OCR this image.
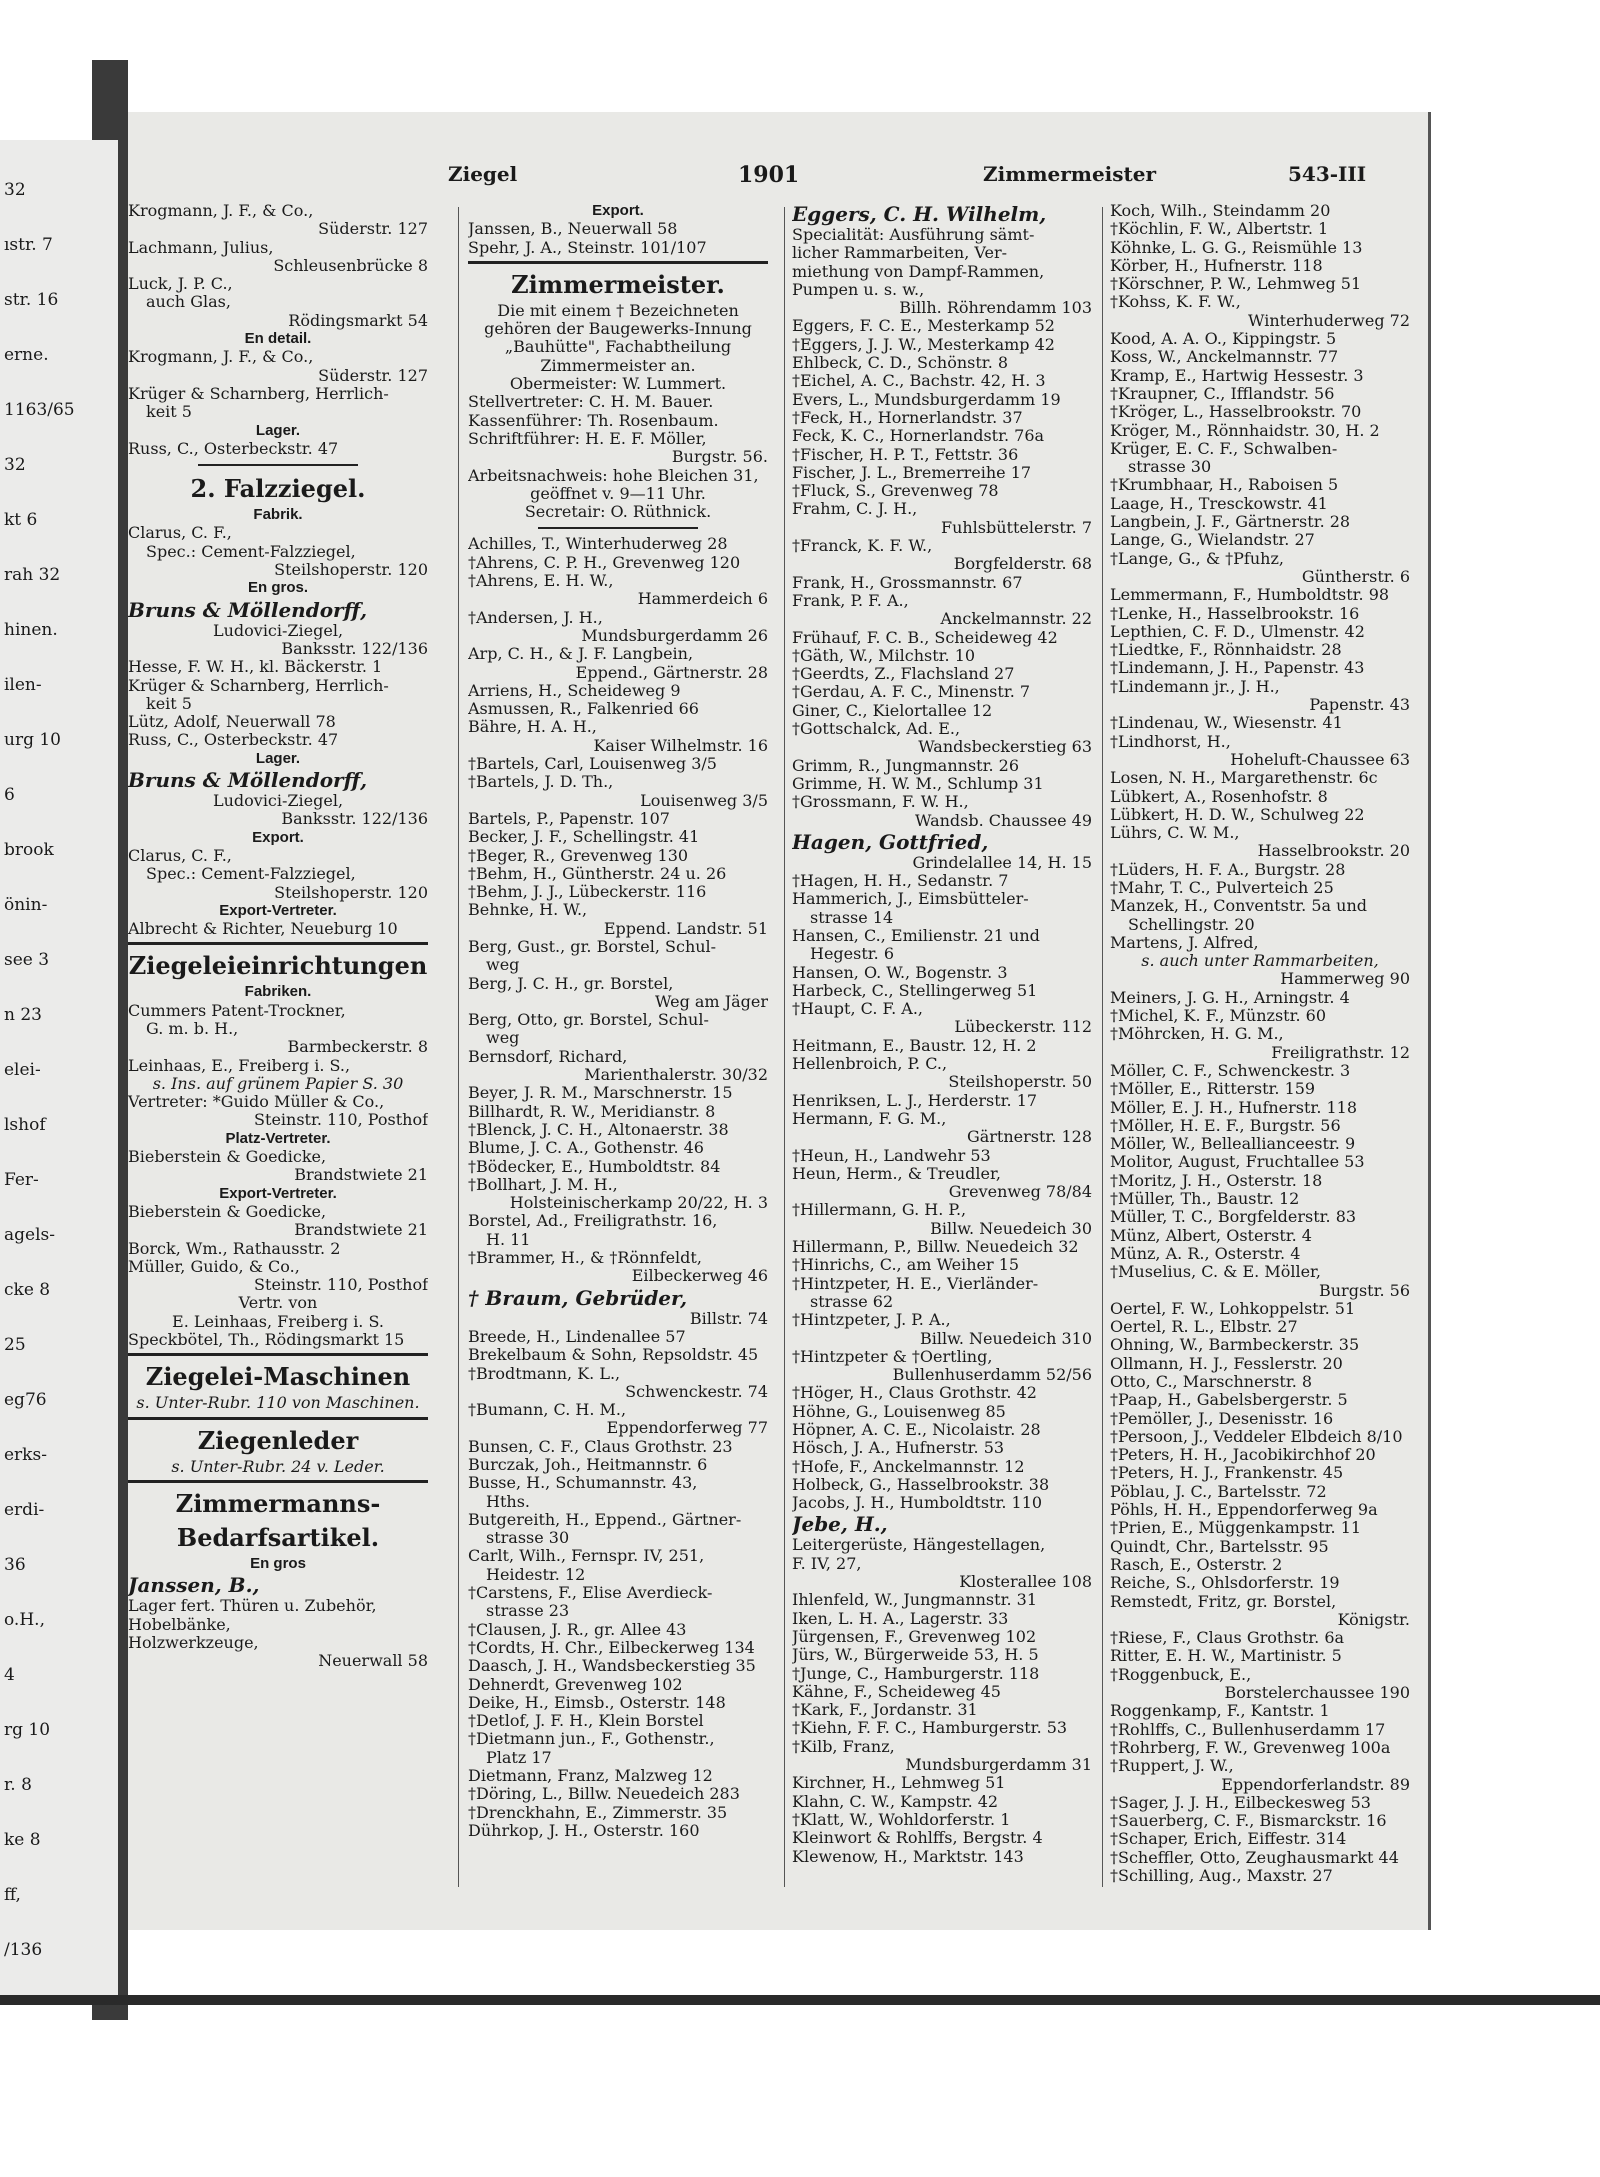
32
ıstr. 7
str. 16
erne.
1163/65
32
kt 6
rah 32
hinen.
ilen-
urg 10
6
brook
önin-
see 3
n 23
elei-
lshof
Fer-
agels-
cke 8
25
eg76
erks-
erdi-
36
o.H.,
4
rg 10
r. 8
ke 8
ff,
/136
Ziegel	1901	Zimmermeister	543-III
Krogmann, J. F., & Co.,
Süderstr. 127
Lachmann, Julius,
Schleusenbrücke 8
Luck, J. P. C.,
auch Glas,
Rödingsmarkt 54
En detail.
Krogmann, J. F., & Co.,
Süderstr. 127
Krüger & Scharnberg, Herrlich-
keit 5
Lager.
Russ, C., Osterbeckstr. 47
2. Falzziegel.
Fabrik.
Clarus, C. F.,
Spec.: Cement-Falzziegel,
Steilshoperstr. 120
En gros.
Bruns & Möllendorff,
Ludovici-Ziegel,
Banksstr. 122/136
Hesse, F. W. H., kl. Bäckerstr. 1
Krüger & Scharnberg, Herrlich-
keit 5
Lütz, Adolf, Neuerwall 78
Russ, C., Osterbeckstr. 47
Lager.
Bruns & Möllendorff,
Ludovici-Ziegel,
Banksstr. 122/136
Export.
Clarus, C. F.,
Spec.: Cement-Falzziegel,
Steilshoperstr. 120
Export-Vertreter.
Albrecht & Richter, Neueburg 10
Ziegeleieinrichtungen
Fabriken.
Cummers Patent-Trockner,
G. m. b. H.,
Barmbeckerstr. 8
Leinhaas, E., Freiberg i. S.,
s. Ins. auf grünem Papier S. 30
Vertreter: *Guido Müller & Co.,
Steinstr. 110, Posthof
Platz-Vertreter.
Bieberstein & Goedicke,
Brandstwiete 21
Export-Vertreter.
Bieberstein & Goedicke,
Brandstwiete 21
Borck, Wm., Rathausstr. 2
Müller, Guido, & Co.,
Steinstr. 110, Posthof
Vertr. von
E. Leinhaas, Freiberg i. S.
Speckbötel, Th., Rödingsmarkt 15
Ziegelei-Maschinen
s. Unter-Rubr. 110 von Maschinen.
Ziegenleder
s. Unter-Rubr. 24 v. Leder.
Zimmermanns-
Bedarfsartikel.
En gros
Janssen, B.,
Lager fert. Thüren u. Zubehör,
Hobelbänke,
Holzwerkzeuge,
Neuerwall 58
Export.
Janssen, B., Neuerwall 58
Spehr, J. A., Steinstr. 101/107
Zimmermeister.
Die mit einem † Bezeichneten
gehören der Baugewerks-Innung
„Bauhütte", Fachabtheilung
Zimmermeister an.
Obermeister: W. Lummert.
Stellvertreter: C. H. M. Bauer.
Kassenführer: Th. Rosenbaum.
Schriftführer: H. E. F. Möller,
Burgstr. 56.
Arbeitsnachweis: hohe Bleichen 31,
geöffnet v. 9—11 Uhr.
Secretair: O. Rüthnick.
Achilles, T., Winterhuderweg 28
†Ahrens, C. P. H., Grevenweg 120
†Ahrens, E. H. W.,
Hammerdeich 6
†Andersen, J. H.,
Mundsburgerdamm 26
Arp, C. H., & J. F. Langbein,
Eppend., Gärtnerstr. 28
Arriens, H., Scheideweg 9
Asmussen, R., Falkenried 66
Bähre, H. A. H.,
Kaiser Wilhelmstr. 16
†Bartels, Carl, Louisenweg 3/5
†Bartels, J. D. Th.,
Louisenweg 3/5
Bartels, P., Papenstr. 107
Becker, J. F., Schellingstr. 41
†Beger, R., Grevenweg 130
†Behm, H., Güntherstr. 24 u. 26
†Behm, J. J., Lübeckerstr. 116
Behnke, H. W.,
Eppend. Landstr. 51
Berg, Gust., gr. Borstel, Schul-
weg
Berg, J. C. H., gr. Borstel,
Weg am Jäger
Berg, Otto, gr. Borstel, Schul-
weg
Bernsdorf, Richard,
Marienthalerstr. 30/32
Beyer, J. R. M., Marschnerstr. 15
Billhardt, R. W., Meridianstr. 8
†Blenck, J. C. H., Altonaerstr. 38
Blume, J. C. A., Gothenstr. 46
†Bödecker, E., Humboldtstr. 84
†Bollhart, J. M. H.,
Holsteinischerkamp 20/22, H. 3
Borstel, Ad., Freiligrathstr. 16,
H. 11
†Brammer, H., & †Rönnfeldt,
Eilbeckerweg 46
† Braum, Gebrüder,
Billstr. 74
Breede, H., Lindenallee 57
Brekelbaum & Sohn, Repsoldstr. 45
†Brodtmann, K. L.,
Schwenckestr. 74
†Bumann, C. H. M.,
Eppendorferweg 77
Bunsen, C. F., Claus Grothstr. 23
Burczak, Joh., Heitmannstr. 6
Busse, H., Schumannstr. 43,
Hths.
Butgereith, H., Eppend., Gärtner-
strasse 30
Carlt, Wilh., Fernspr. IV, 251,
Heidestr. 12
†Carstens, F., Elise Averdieck-
strasse 23
†Clausen, J. R., gr. Allee 43
†Cordts, H. Chr., Eilbeckerweg 134
Daasch, J. H., Wandsbeckerstieg 35
Dehnerdt, Grevenweg 102
Deike, H., Eimsb., Osterstr. 148
†Detlof, J. F. H., Klein Borstel
†Dietmann jun., F., Gothenstr.,
Platz 17
Dietmann, Franz, Malzweg 12
†Döring, L., Billw. Neuedeich 283
†Drenckhahn, E., Zimmerstr. 35
Dührkop, J. H., Osterstr. 160
Eggers, C. H. Wilhelm,
Specialität: Ausführung sämt-
licher Rammarbeiten, Ver-
miethung von Dampf-Rammen,
Pumpen u. s. w.,
Billh. Röhrendamm 103
Eggers, F. C. E., Mesterkamp 52
†Eggers, J. J. W., Mesterkamp 42
Ehlbeck, C. D., Schönstr. 8
†Eichel, A. C., Bachstr. 42, H. 3
Evers, L., Mundsburgerdamm 19
†Feck, H., Hornerlandstr. 37
Feck, K. C., Hornerlandstr. 76a
†Fischer, H. P. T., Fettstr. 36
Fischer, J. L., Bremerreihe 17
†Fluck, S., Grevenweg 78
Frahm, C. J. H.,
Fuhlsbüttelerstr. 7
†Franck, K. F. W.,
Borgfelderstr. 68
Frank, H., Grossmannstr. 67
Frank, P. F. A.,
Anckelmannstr. 22
Frühauf, F. C. B., Scheideweg 42
†Gäth, W., Milchstr. 10
†Geerdts, Z., Flachsland 27
†Gerdau, A. F. C., Minenstr. 7
Giner, C., Kielortallee 12
†Gottschalck, Ad. E.,
Wandsbeckerstieg 63
Grimm, R., Jungmannstr. 26
Grimme, H. W. M., Schlump 31
†Grossmann, F. W. H.,
Wandsb. Chaussee 49
Hagen, Gottfried,
Grindelallee 14, H. 15
†Hagen, H. H., Sedanstr. 7
Hammerich, J., Eimsbütteler-
strasse 14
Hansen, C., Emilienstr. 21 und
Hegestr. 6
Hansen, O. W., Bogenstr. 3
Harbeck, C., Stellingerweg 51
†Haupt, C. F. A.,
Lübeckerstr. 112
Heitmann, E., Baustr. 12, H. 2
Hellenbroich, P. C.,
Steilshoperstr. 50
Henriksen, L. J., Herderstr. 17
Hermann, F. G. M.,
Gärtnerstr. 128
†Heun, H., Landwehr 53
Heun, Herm., & Treudler,
Grevenweg 78/84
†Hillermann, G. H. P.,
Billw. Neuedeich 30
Hillermann, P., Billw. Neuedeich 32
†Hinrichs, C., am Weiher 15
†Hintzpeter, H. E., Vierländer-
strasse 62
†Hintzpeter, J. P. A.,
Billw. Neuedeich 310
†Hintzpeter & †Oertling,
Bullenhuserdamm 52/56
†Höger, H., Claus Grothstr. 42
Höhne, G., Louisenweg 85
Höpner, A. C. E., Nicolaistr. 28
Hösch, J. A., Hufnerstr. 53
†Hofe, F., Anckelmannstr. 12
Holbeck, G., Hasselbrookstr. 38
Jacobs, J. H., Humboldtstr. 110
Jebe, H.,
Leitergerüste, Hängestellagen,
F. IV, 27,
Klosterallee 108
Ihlenfeld, W., Jungmannstr. 31
Iken, L. H. A., Lagerstr. 33
Jürgensen, F., Grevenweg 102
Jürs, W., Bürgerweide 53, H. 5
†Junge, C., Hamburgerstr. 118
Kähne, F., Scheideweg 45
†Kark, F., Jordanstr. 31
†Kiehn, F. F. C., Hamburgerstr. 53
†Kilb, Franz,
Mundsburgerdamm 31
Kirchner, H., Lehmweg 51
Klahn, C. W., Kampstr. 42
†Klatt, W., Wohldorferstr. 1
Kleinwort & Rohlffs, Bergstr. 4
Klewenow, H., Marktstr. 143
Koch, Wilh., Steindamm 20
†Köchlin, F. W., Albertstr. 1
Köhnke, L. G. G., Reismühle 13
Körber, H., Hufnerstr. 118
†Körschner, P. W., Lehmweg 51
†Kohss, K. F. W.,
Winterhuderweg 72
Kood, A. A. O., Kippingstr. 5
Koss, W., Anckelmannstr. 77
Kramp, E., Hartwig Hessestr. 3
†Kraupner, C., Ifflandstr. 56
†Kröger, L., Hasselbrookstr. 70
Kröger, M., Rönnhaidstr. 30, H. 2
Krüger, E. C. F., Schwalben-
strasse 30
†Krumbhaar, H., Raboisen 5
Laage, H., Tresckowstr. 41
Langbein, J. F., Gärtnerstr. 28
Lange, G., Wielandstr. 27
†Lange, G., & †Pfuhz,
Güntherstr. 6
Lemmermann, F., Humboldtstr. 98
†Lenke, H., Hasselbrookstr. 16
Lepthien, C. F. D., Ulmenstr. 42
†Liedtke, F., Rönnhaidstr. 28
†Lindemann, J. H., Papenstr. 43
†Lindemann jr., J. H.,
Papenstr. 43
†Lindenau, W., Wiesenstr. 41
†Lindhorst, H.,
Hoheluft-Chaussee 63
Losen, N. H., Margarethenstr. 6c
Lübkert, A., Rosenhofstr. 8
Lübkert, H. D. W., Schulweg 22
Lührs, C. W. M.,
Hasselbrookstr. 20
†Lüders, H. F. A., Burgstr. 28
†Mahr, T. C., Pulverteich 25
Manzek, H., Conventstr. 5a und
Schellingstr. 20
Martens, J. Alfred,
s. auch unter Rammarbeiten,
Hammerweg 90
Meiners, J. G. H., Arningstr. 4
†Michel, K. F., Münzstr. 60
†Möhrcken, H. G. M.,
Freiligrathstr. 12
Möller, C. F., Schwenckestr. 3
†Möller, E., Ritterstr. 159
Möller, E. J. H., Hufnerstr. 118
†Möller, H. E. F., Burgstr. 56
Möller, W., Belleallianceestr. 9
Molitor, August, Fruchtallee 53
†Moritz, J. H., Osterstr. 18
†Müller, Th., Baustr. 12
Müller, T. C., Borgfelderstr. 83
Münz, Albert, Osterstr. 4
Münz, A. R., Osterstr. 4
†Muselius, C. & E. Möller,
Burgstr. 56
Oertel, F. W., Lohkoppelstr. 51
Oertel, R. L., Elbstr. 27
Ohning, W., Barmbeckerstr. 35
Ollmann, H. J., Fesslerstr. 20
Otto, C., Marschnerstr. 8
†Paap, H., Gabelsbergerstr. 5
†Pemöller, J., Desenisstr. 16
†Persoon, J., Veddeler Elbdeich 8/10
†Peters, H. H., Jacobikirchhof 20
†Peters, H. J., Frankenstr. 45
Pöblau, J. C., Bartelsstr. 72
Pöhls, H. H., Eppendorferweg 9a
†Prien, E., Müggenkampstr. 11
Quindt, Chr., Bartelsstr. 95
Rasch, E., Osterstr. 2
Reiche, S., Ohlsdorferstr. 19
Remstedt, Fritz, gr. Borstel,
Königstr.
†Riese, F., Claus Grothstr. 6a
Ritter, E. H. W., Martinistr. 5
†Roggenbuck, E.,
Borstelerchaussee 190
Roggenkamp, F., Kantstr. 1
†Rohlffs, C., Bullenhuserdamm 17
†Rohrberg, F. W., Grevenweg 100a
†Ruppert, J. W.,
Eppendorferlandstr. 89
†Sager, J. J. H., Eilbeckesweg 53
†Sauerberg, C. F., Bismarckstr. 16
†Schaper, Erich, Eiffestr. 314
†Scheffler, Otto, Zeughausmarkt 44
†Schilling, Aug., Maxstr. 27
